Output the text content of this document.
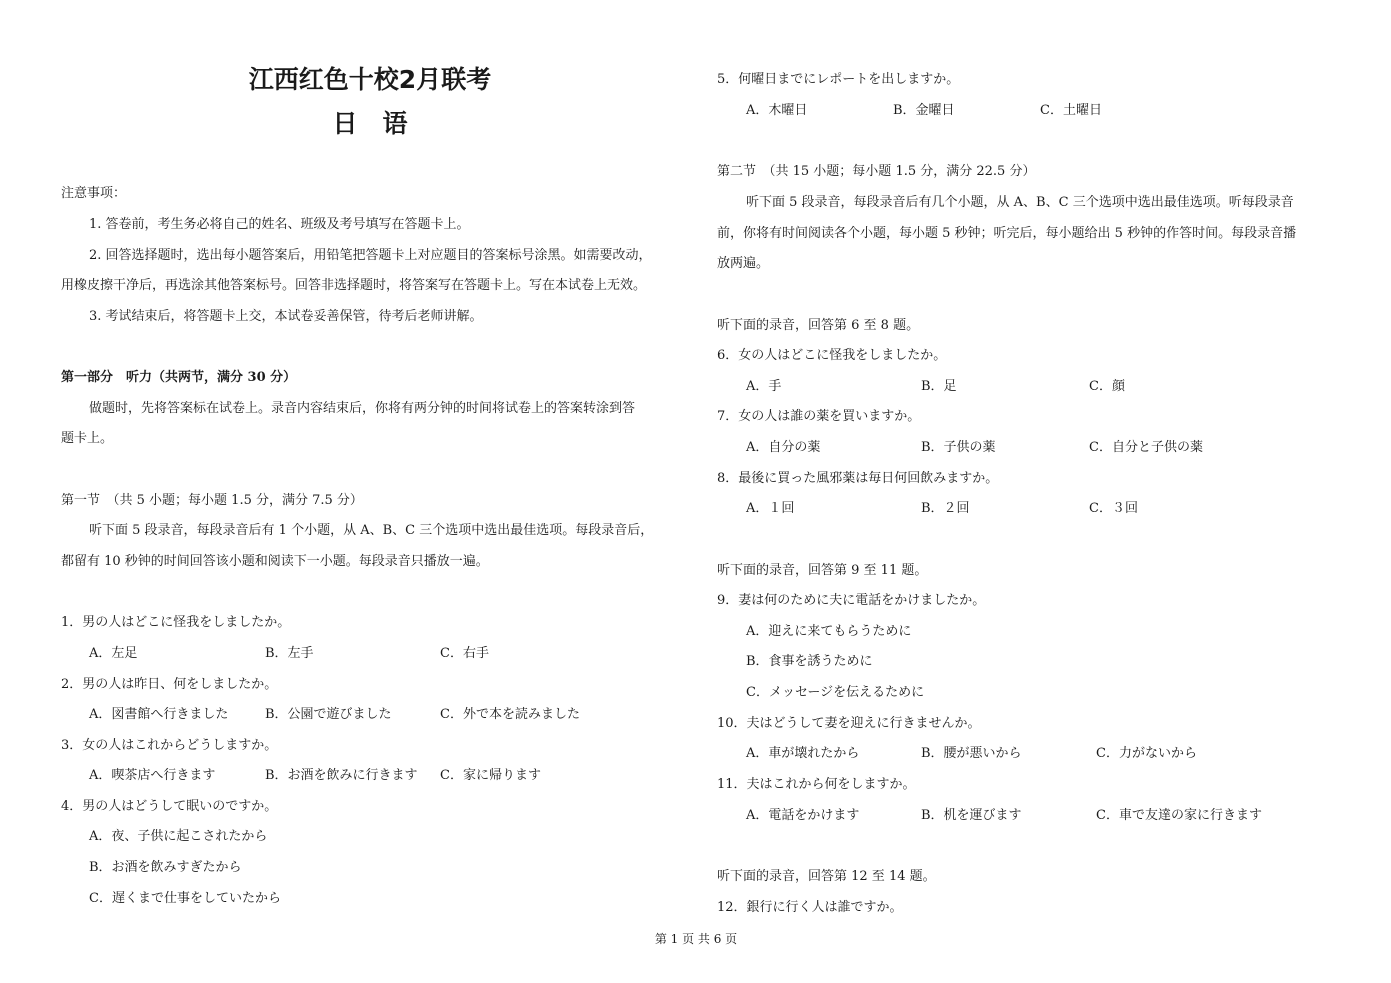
江西红色十校2月联考
日　语
注意事项：
1. 答卷前，考生务必将自己的姓名、班级及考号填写在答题卡上。
2. 回答选择题时，选出每小题答案后，用铅笔把答题卡上对应题目的答案标号涂黑。如需要改动，
用橡皮擦干净后，再选涂其他答案标号。回答非选择题时，将答案写在答题卡上。写在本试卷上无效。
3. 考试结束后，将答题卡上交，本试卷妥善保管，待考后老师讲解。
第一部分　听力（共两节，满分 30 分）
做题时，先将答案标在试卷上。录音内容结束后，你将有两分钟的时间将试卷上的答案转涂到答
题卡上。
第一节　（共 5 小题；每小题 1.5 分，满分 7.5 分）
听下面 5 段录音，每段录音后有 1 个小题，从 A、B、C 三个选项中选出最佳选项。每段录音后，
都留有 10 秒钟的时间回答该小题和阅读下一小题。每段录音只播放一遍。
1．男の人はどこに怪我をしましたか。
A．左足	B．左手	C．右手
2．男の人は昨日、何をしましたか。
A．図書館へ行きました	B．公園で遊びました	C．外で本を読みました
3．女の人はこれからどうしますか。
A．喫茶店へ行きます	B．お酒を飲みに行きます C．家に帰ります
4．男の人はどうして眠いのですか。
A．夜、子供に起こされたから
B．お酒を飲みすぎたから
C．遅くまで仕事をしていたから
5．何曜日までにレポートを出しますか。
A．木曜日	B．金曜日	C．土曜日
第二节　（共 15 小题；每小题 1.5 分，满分 22.5 分）
听下面 5 段录音，每段录音后有几个小题，从 A、B、C 三个选项中选出最佳选项。听每段录音
前，你将有时间阅读各个小题，每小题 5 秒钟；听完后，每小题给出 5 秒钟的作答时间。每段录音播
放两遍。
听下面的录音，回答第 6 至 8 题。
6．女の人はどこに怪我をしましたか。
A．手	B．足	C．顔
7．女の人は誰の薬を買いますか。
A．自分の薬	B．子供の薬	C．自分と子供の薬
8．最後に買った風邪薬は毎日何回飲みますか。
A．１回	B．２回	C．３回
听下面的录音，回答第 9 至 11 题。
9．妻は何のために夫に電話をかけましたか。
A．迎えに来てもらうために
B．食事を誘うために
C．メッセージを伝えるために
10．夫はどうして妻を迎えに行きませんか。
A．車が壊れたから	B．腰が悪いから	C．力がないから
11．夫はこれから何をしますか。
A．電話をかけます	B．机を運びます	C．車で友達の家に行きます
听下面的录音，回答第 12 至 14 题。
12．銀行に行く人は誰ですか。
第 1 页 共 6 页
